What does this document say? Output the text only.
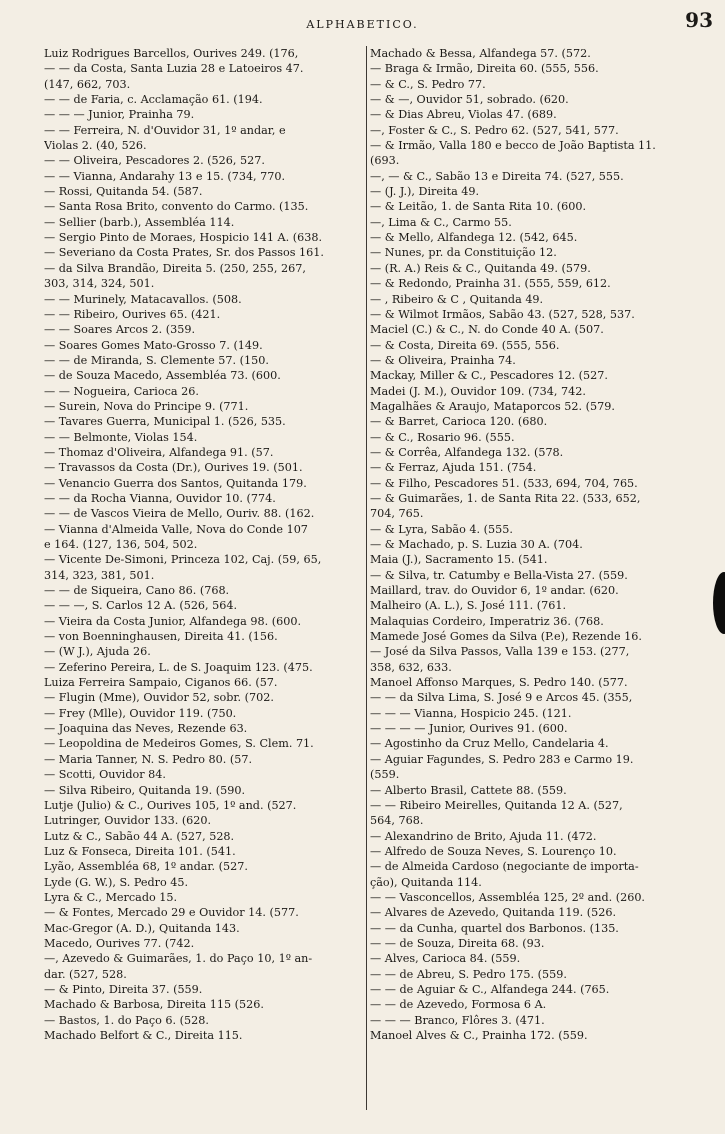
ALPHABETICO.	93
Luiz Rodrigues Barcellos, Ourives 249. (176,
— — da Costa, Santa Luzia 28 e Latoeiros 47.
(147, 662, 703.
— — de Faria, c. Acclamação 61. (194.
— — — Junior, Prainha 79.
— — Ferreira, N. d'Ouvidor 31, 1º andar, e
Violas 2. (40, 526.
— — Oliveira, Pescadores 2. (526, 527.
— — Vianna, Andarahy 13 e 15. (734, 770.
— Rossi, Quitanda 54. (587.
— Santa Rosa Brito, convento do Carmo. (135.
— Sellier (barb.), Assembléa 114.
— Sergio Pinto de Moraes, Hospicio 141 A. (638.
— Severiano da Costa Prates, Sr. dos Passos 161.
— da Silva Brandão, Direita 5. (250, 255, 267,
303, 314, 324, 501.
— — Murinely, Matacavallos. (508.
— — Ribeiro, Ourives 65. (421.
— — Soares Arcos 2. (359.
— Soares Gomes Mato-Grosso 7. (149.
— — de Miranda, S. Clemente 57. (150.
— de Souza Macedo, Assembléa 73. (600.
— — Nogueira, Carioca 26.
— Surein, Nova do Principe 9. (771.
— Tavares Guerra, Municipal 1. (526, 535.
— — Belmonte, Violas 154.
— Thomaz d'Oliveira, Alfandega 91. (57.
— Travassos da Costa (Dr.), Ourives 19. (501.
— Venancio Guerra dos Santos, Quitanda 179.
— — da Rocha Vianna, Ouvidor 10. (774.
— — de Vascos Vieira de Mello, Ouriv. 88. (162.
— Vianna d'Almeida Valle, Nova do Conde 107
e 164. (127, 136, 504, 502.
— Vicente De-Simoni, Princeza 102, Caj. (59, 65,
314, 323, 381, 501.
— — de Siqueira, Cano 86. (768.
— — —, S. Carlos 12 A. (526, 564.
— Vieira da Costa Junior, Alfandega 98. (600.
— von Boenninghausen, Direita 41. (156.
— (W J.), Ajuda 26.
— Zeferino Pereira, L. de S. Joaquim 123. (475.
Luiza Ferreira Sampaio, Ciganos 66. (57.
— Flugin (Mme), Ouvidor 52, sobr. (702.
— Frey (Mlle), Ouvidor 119. (750.
— Joaquina das Neves, Rezende 63.
— Leopoldina de Medeiros Gomes, S. Clem. 71.
— Maria Tanner, N. S. Pedro 80. (57.
— Scotti, Ouvidor 84.
— Silva Ribeiro, Quitanda 19. (590.
Lutje (Julio) & C., Ourives 105, 1º and. (527.
Lutringer, Ouvidor 133. (620.
Lutz & C., Sabão 44 A. (527, 528.
Luz & Fonseca, Direita 101. (541.
Lyão, Assembléa 68, 1º andar. (527.
Lyde (G. W.), S. Pedro 45.
Lyra & C., Mercado 15.
— & Fontes, Mercado 29 e Ouvidor 14. (577.
Mac-Gregor (A. D.), Quitanda 143.
Macedo, Ourives 77. (742.
—, Azevedo & Guimarães, 1. do Paço 10, 1º an-
dar. (527, 528.
— & Pinto, Direita 37. (559.
Machado & Barbosa, Direita 115 (526.
— Bastos, 1. do Paço 6. (528.
Machado Belfort & C., Direita 115.
Machado & Bessa, Alfandega 57. (572.
— Braga & Irmão, Direita 60. (555, 556.
— & C., S. Pedro 77.
— & —, Ouvidor 51, sobrado. (620.
— & Dias Abreu, Violas 47. (689.
—, Foster & C., S. Pedro 62. (527, 541, 577.
— & Irmão, Valla 180 e becco de João Baptista 11.
(693.
—, — & C., Sabão 13 e Direita 74. (527, 555.
— (J. J.), Direita 49.
— & Leitão, 1. de Santa Rita 10. (600.
—, Lima & C., Carmo 55.
— & Mello, Alfandega 12. (542, 645.
— Nunes, pr. da Constituição 12.
— (R. A.) Reis & C., Quitanda 49. (579.
— & Redondo, Prainha 31. (555, 559, 612.
— , Ribeiro & C , Quitanda 49.
— & Wilmot Irmãos, Sabão 43. (527, 528, 537.
Maciel (C.) & C., N. do Conde 40 A. (507.
— & Costa, Direita 69. (555, 556.
— & Oliveira, Prainha 74.
Mackay, Miller & C., Pescadores 12. (527.
Madei (J. M.), Ouvidor 109. (734, 742.
Magalhães & Araujo, Mataporcos 52. (579.
— & Barret, Carioca 120. (680.
— & C., Rosario 96. (555.
— & Corrêa, Alfandega 132. (578.
— & Ferraz, Ajuda 151. (754.
— & Filho, Pescadores 51. (533, 694, 704, 765.
— & Guimarães, 1. de Santa Rita 22. (533, 652,
704, 765.
— & Lyra, Sabão 4. (555.
— & Machado, p. S. Luzia 30 A. (704.
Maia (J.), Sacramento 15. (541.
— & Silva, tr. Catumby e Bella-Vista 27. (559.
Maillard, trav. do Ouvidor 6, 1º andar. (620.
Malheiro (A. L.), S. José 111. (761.
Malaquias Cordeiro, Imperatriz 36. (768.
Mamede José Gomes da Silva (P.e), Rezende 16.
— José da Silva Passos, Valla 139 e 153. (277,
358, 632, 633.
Manoel Affonso Marques, S. Pedro 140. (577.
— — da Silva Lima, S. José 9 e Arcos 45. (355,
— — — Vianna, Hospicio 245. (121.
— — — — Junior, Ourives 91. (600.
— Agostinho da Cruz Mello, Candelaria 4.
— Aguiar Fagundes, S. Pedro 283 e Carmo 19.
(559.
— Alberto Brasil, Cattete 88. (559.
— — Ribeiro Meirelles, Quitanda 12 A. (527,
564, 768.
— Alexandrino de Brito, Ajuda 11. (472.
— Alfredo de Souza Neves, S. Lourenço 10.
— de Almeida Cardoso (negociante de importa-
ção), Quitanda 114.
— — Vasconcellos, Assembléa 125, 2º and. (260.
— Alvares de Azevedo, Quitanda 119. (526.
— — da Cunha, quartel dos Barbonos. (135.
— — de Souza, Direita 68. (93.
— Alves, Carioca 84. (559.
— — de Abreu, S. Pedro 175. (559.
— — de Aguiar & C., Alfandega 244. (765.
— — de Azevedo, Formosa 6 A.
— — — Branco, Flôres 3. (471.
Manoel Alves & C., Prainha 172. (559.
